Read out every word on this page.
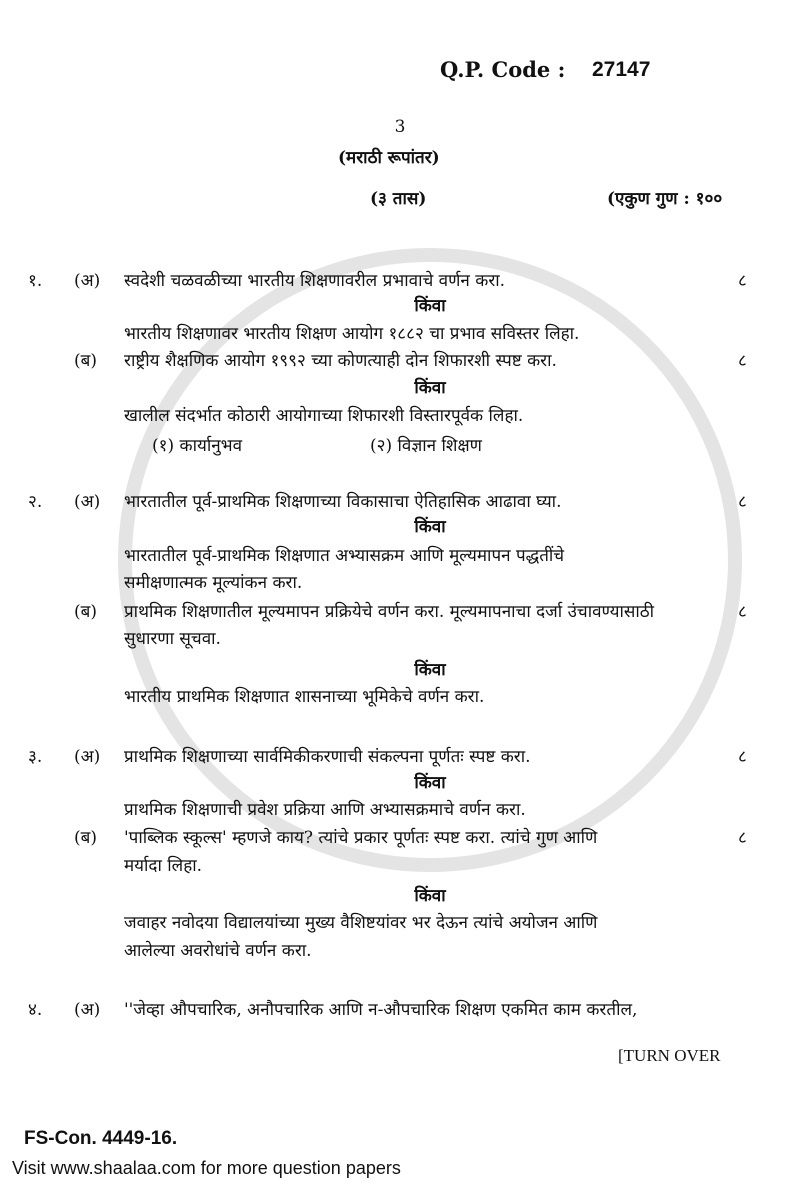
Q.P. Code : 27147
3
(मराठी रूपांतर)
(३ तास)	(एकुण गुण : १००
१. (अ) स्वदेशी चळवळीच्या भारतीय शिक्षणावरील प्रभावाचे वर्णन करा.	८
किंवा
भारतीय शिक्षणावर भारतीय शिक्षण आयोग १८८२ चा प्रभाव सविस्तर लिहा.
(ब) राष्ट्रीय शैक्षणिक आयोग १९९२ च्या कोणत्याही दोन शिफारशी स्पष्ट करा.	८
किंवा
खालील संदर्भात कोठारी आयोगाच्या शिफारशी विस्तारपूर्वक लिहा.
(१) कार्यानुभव	(२) विज्ञान शिक्षण
२. (अ) भारतातील पूर्व-प्राथमिक शिक्षणाच्या विकासाचा ऐतिहासिक आढावा घ्या.	८
किंवा
भारतातील पूर्व-प्राथमिक शिक्षणात अभ्यासक्रम आणि मूल्यमापन पद्धतींचे
समीक्षणात्मक मूल्यांकन करा.
(ब) प्राथमिक शिक्षणातील मूल्यमापन प्रक्रियेचे वर्णन करा. मूल्यमापनाचा दर्जा उंचावण्यासाठी	८
सुधारणा सूचवा.
किंवा
भारतीय प्राथमिक शिक्षणात शासनाच्या भूमिकेचे वर्णन करा.
३. (अ) प्राथमिक शिक्षणाच्या सार्वमिकीकरणाची संकल्पना पूर्णतः स्पष्ट करा.	८
किंवा
प्राथमिक शिक्षणाची प्रवेश प्रक्रिया आणि अभ्यासक्रमाचे वर्णन करा.
(ब) 'पाब्लिक स्कूल्स' म्हणजे काय? त्यांचे प्रकार पूर्णतः स्पष्ट करा. त्यांचे गुण आणि	८
मर्यादा लिहा.
किंवा
जवाहर नवोदया विद्यालयांच्या मुख्य वैशिष्टयांवर भर देऊन त्यांचे अयोजन आणि
आलेल्या अवरोधांचे वर्णन करा.
४. (अ) ''जेव्हा औपचारिक, अनौपचारिक आणि न-औपचारिक शिक्षण एकमित काम करतील,
[TURN OVER
FS-Con. 4449-16.
Visit www.shaalaa.com for more question papers
